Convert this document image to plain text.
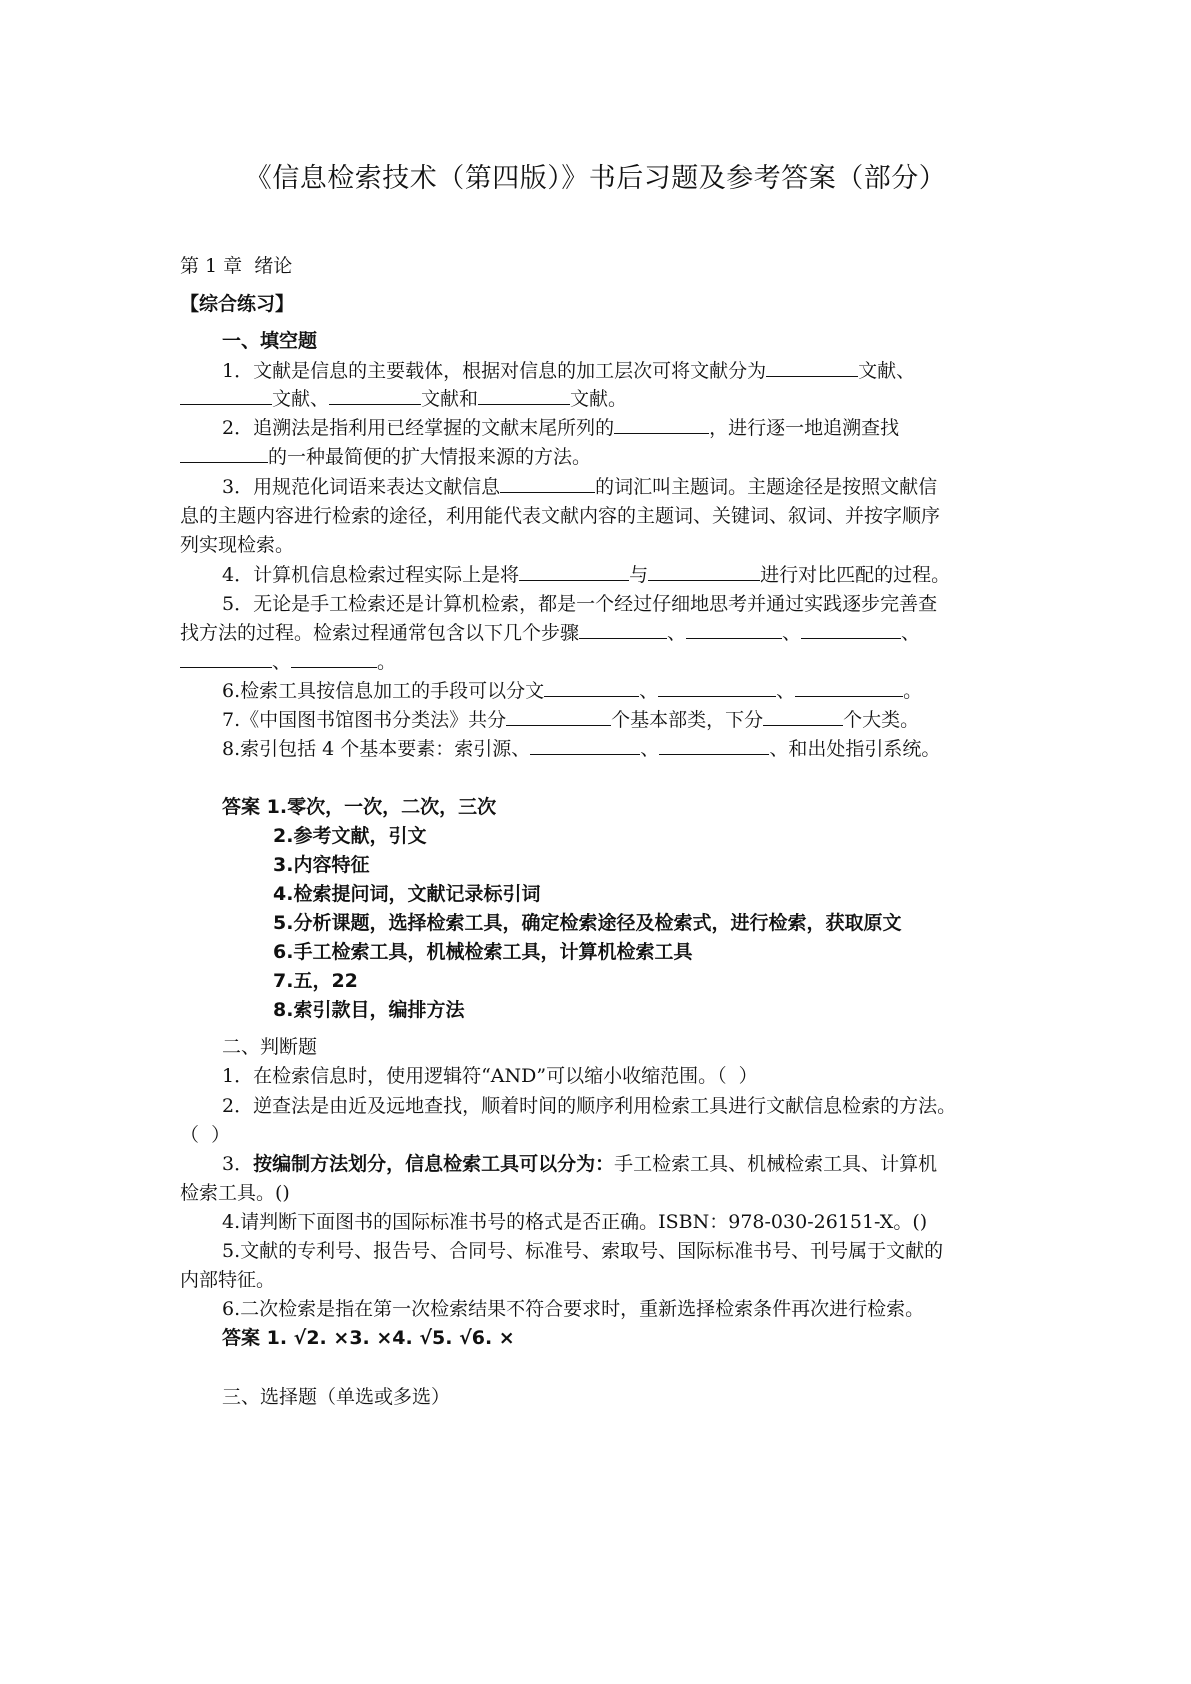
《信息检索技术（第四版）》书后习题及参考答案（部分）
第 1 章  绪论
【综合练习】
一、填空题
1．文献是信息的主要载体，根据对信息的加工层次可将文献分为	文献、
文献、	文献和	文献。
2．追溯法是指利用已经掌握的文献末尾所列的	，进行逐一地追溯查找
的一种最简便的扩大情报来源的方法。
3．用规范化词语来表达文献信息	的词汇叫主题词。主题途径是按照文献信
息的主题内容进行检索的途径，利用能代表文献内容的主题词、关键词、叙词、并按字顺序
列实现检索。
4．计算机信息检索过程实际上是将	与	进行对比匹配的过程。
5．无论是手工检索还是计算机检索，都是一个经过仔细地思考并通过实践逐步完善查
找方法的过程。检索过程通常包含以下几个步骤	、	、	、
、	。
6.检索工具按信息加工的手段可以分文	、	、	。
7.《中国图书馆图书分类法》共分	个基本部类，下分	个大类。
8.索引包括 4 个基本要素：索引源、	、	、和出处指引系统。
答案 1.零次，一次，二次，三次
2.参考文献，引文
3.内容特征
4.检索提问词，文献记录标引词
5.分析课题，选择检索工具，确定检索途径及检索式，进行检索，获取原文
6.手工检索工具，机械检索工具，计算机检索工具
7.五，22
8.索引款目，编排方法
二、判断题
1．在检索信息时，使用逻辑符“AND”可以缩小收缩范围。（  ）
2．逆查法是由近及远地查找，顺着时间的顺序利用检索工具进行文献信息检索的方法。
（  ）
3．按编制方法划分，信息检索工具可以分为：手工检索工具、机械检索工具、计算机
检索工具。()
4.请判断下面图书的国际标准书号的格式是否正确。ISBN：978-030-26151-X。()
5.文献的专利号、报告号、合同号、标准号、索取号、国际标准书号、刊号属于文献的
内部特征。
6.二次检索是指在第一次检索结果不符合要求时，重新选择检索条件再次进行检索。
答案 1. √2. ×3. ×4. √5. √6. ×
三、选择题（单选或多选）
